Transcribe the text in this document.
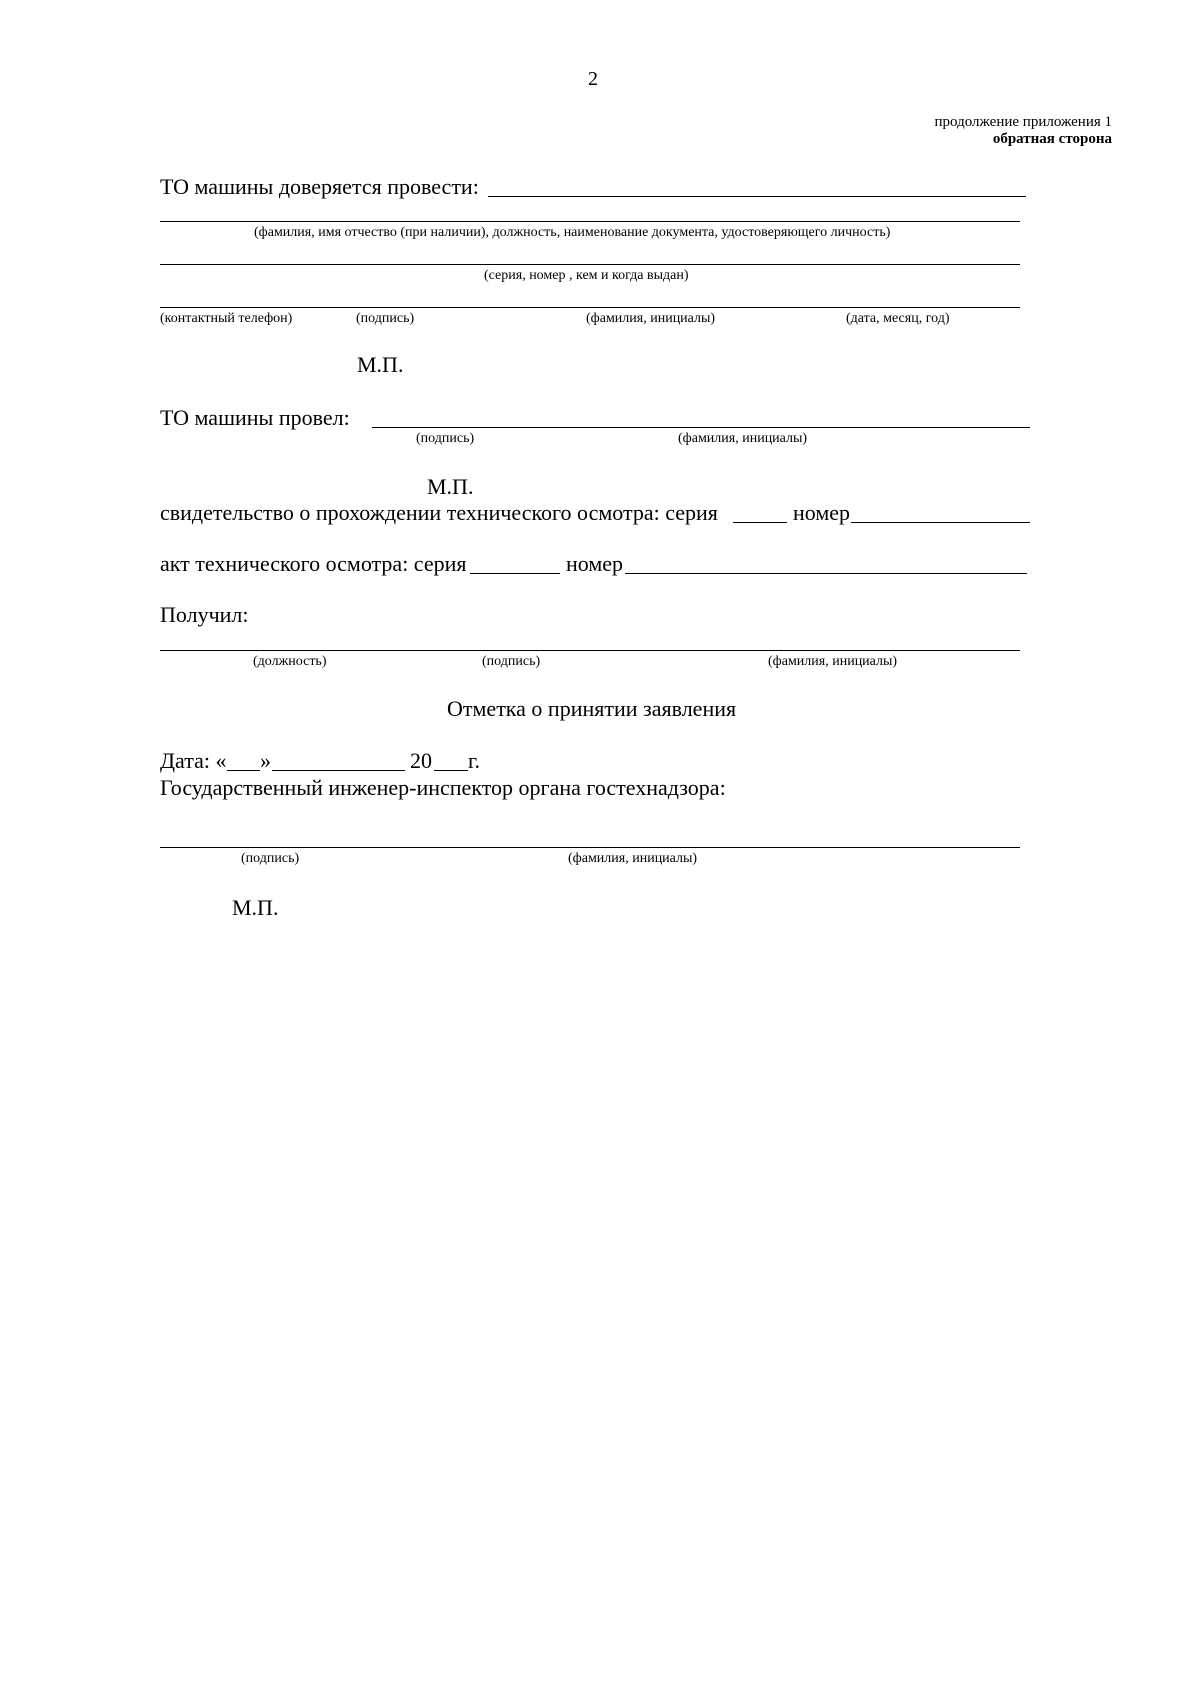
2
продолжение приложения 1
обратная сторона
ТО машины доверяется провести:
(фамилия, имя отчество (при наличии), должность, наименование документа, удостоверяющего личность)
(серия, номер , кем и когда выдан)
(контактный телефон)	(подпись)	(фамилия, инициалы)	(дата, месяц, год)
М.П.
ТО машины провел:
(подпись)	(фамилия, инициалы)
М.П.
свидетельство о прохождении технического осмотра: серия	номер
акт технического осмотра: серия	номер
Получил:
(должность)	(подпись)	(фамилия, инициалы)
Отметка о принятии заявления
Дата: « »	20 г.
Государственный инженер-инспектор органа гостехнадзора:
(подпись)	(фамилия, инициалы)
М.П.
